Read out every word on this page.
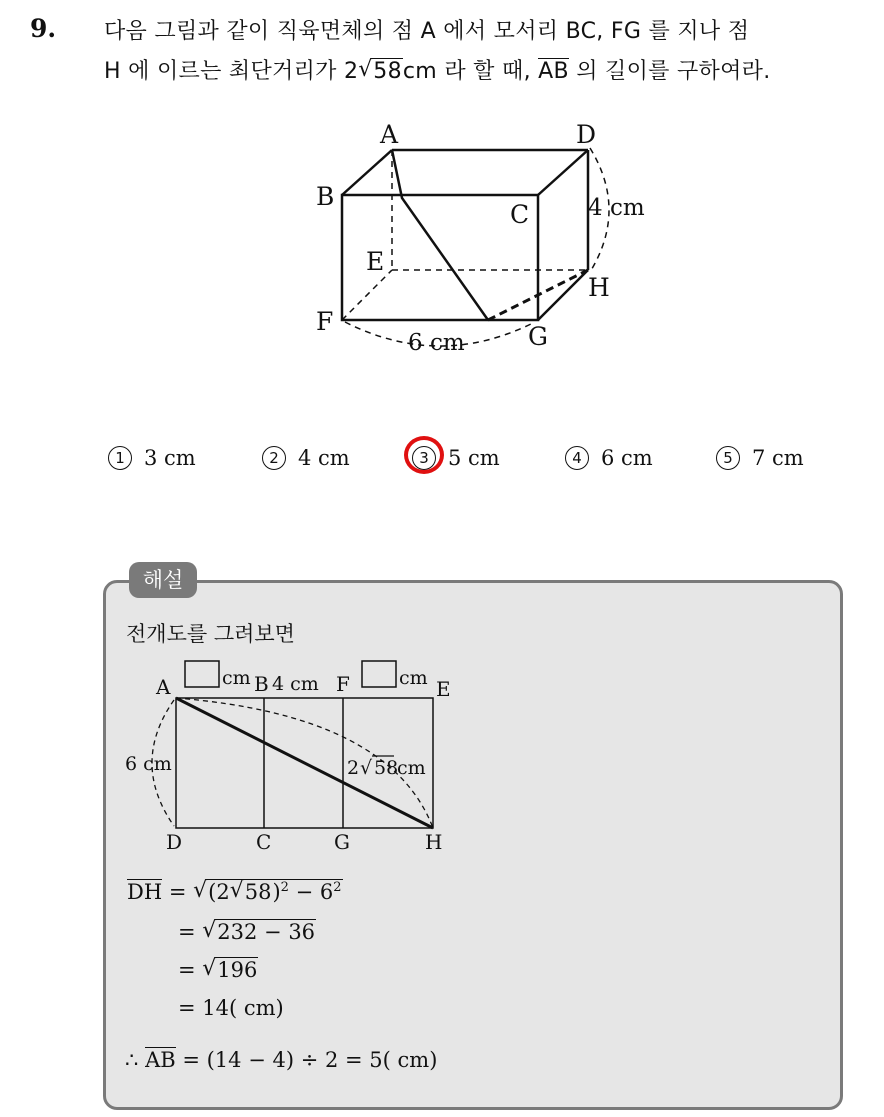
9. 다음 그림과 같이 직육면체의 점 A 에서 모서리 BC, FG 를 지나 점
H 에 이르는 최단거리가 2 √ 58cm 라 할 때, AB 의 길이를 구하여라.
A	D
B
C
E
H
F
G
4 cm
6 cm
1 3 cm	2 4 cm	3 5 cm	4 6 cm	5 7 cm
해설
전개도를 그려보면
A	cm B 4 cm F	cm E
6 cm	2 √ 58
cm
D	C	G	H
DH = √ (2 √ $58)^2 - 6^2$
= √ 232 − 36
= √ 196
= 14( cm)
∴ AB = (14 − 4) ÷ 2 = 5( cm)
